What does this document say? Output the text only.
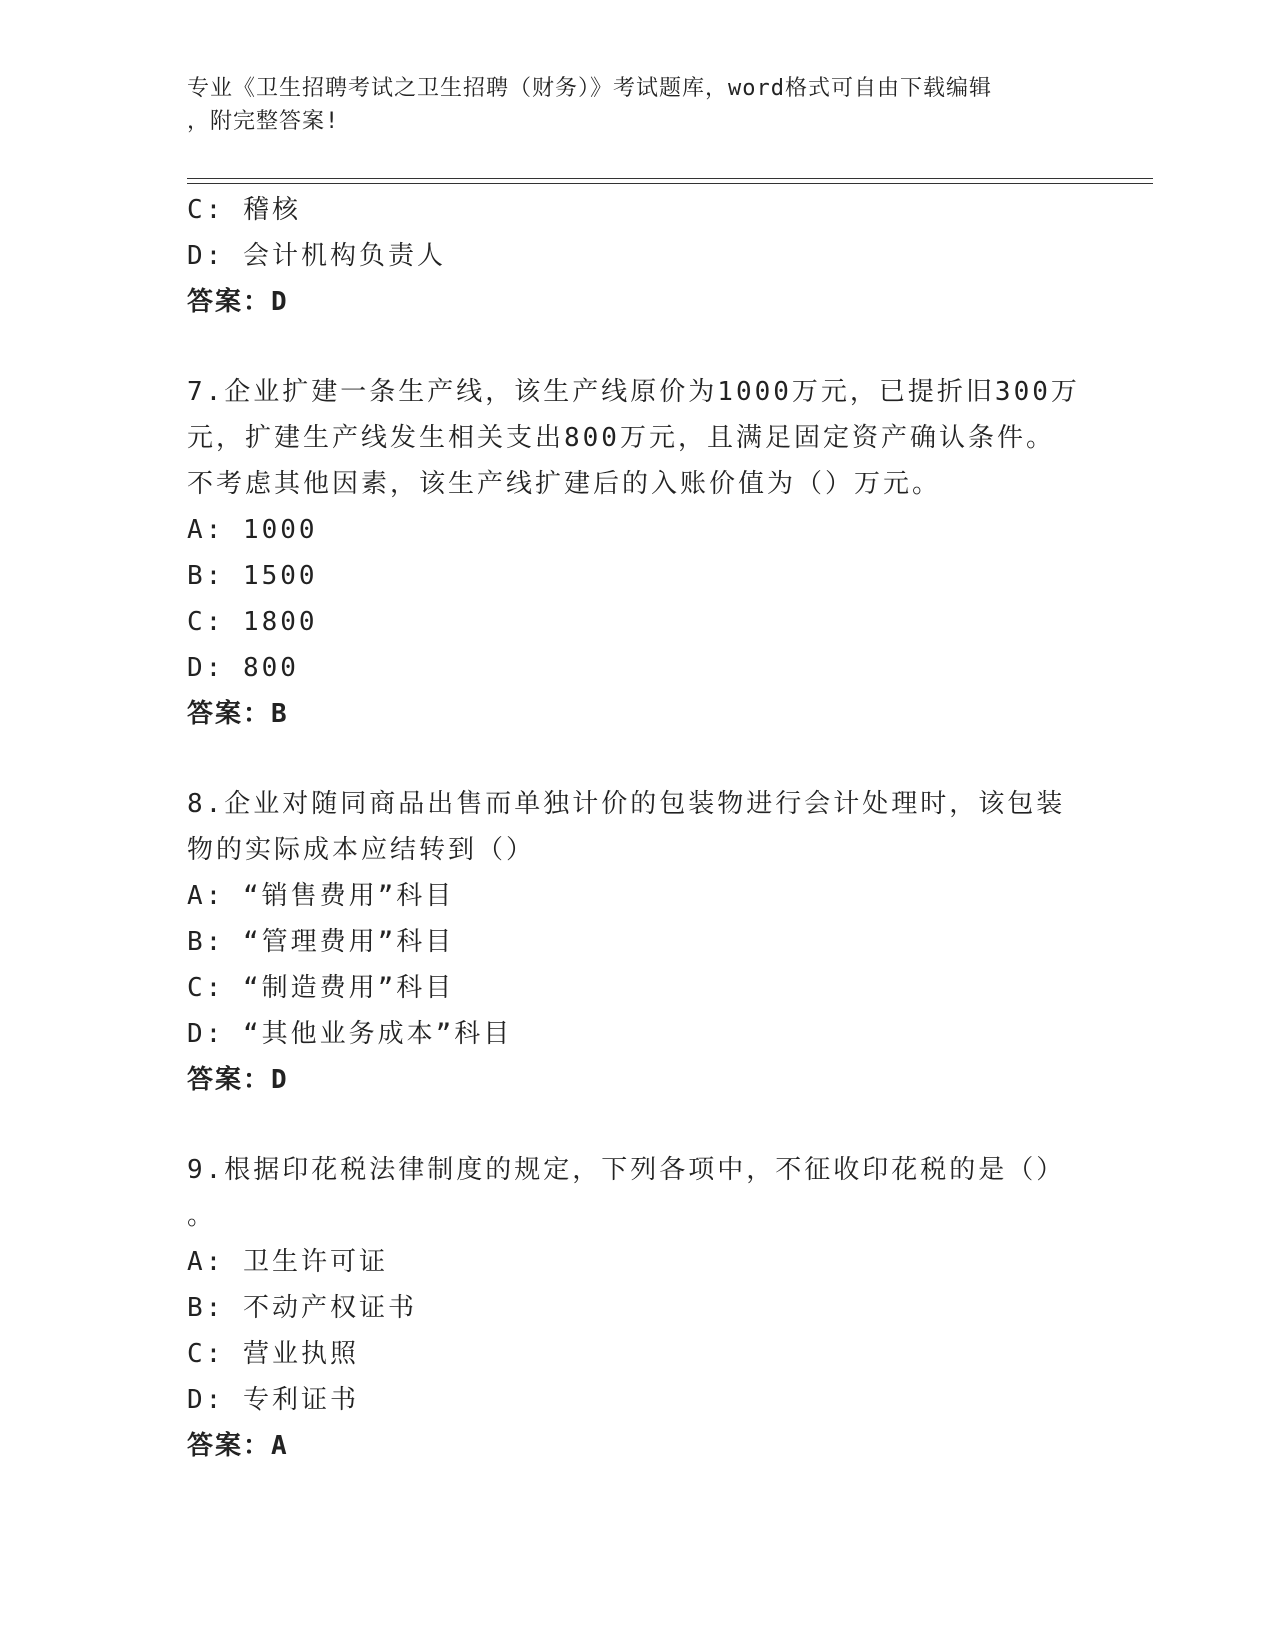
专业《卫生招聘考试之卫生招聘（财务）》考试题库，word格式可自由下载编辑
，附完整答案!
C: 稽核
D: 会计机构负责人
答案：D
7.企业扩建一条生产线，该生产线原价为1000万元，已提折旧300万
元，扩建生产线发生相关支出800万元，且满足固定资产确认条件。
不考虑其他因素，该生产线扩建后的入账价值为（）万元。
A: 1000
B: 1500
C: 1800
D: 800
答案：B
8.企业对随同商品出售而单独计价的包装物进行会计处理时，该包装
物的实际成本应结转到（）
A: “销售费用”科目
B: “管理费用”科目
C: “制造费用”科目
D: “其他业务成本”科目
答案：D
9.根据印花税法律制度的规定，下列各项中，不征收印花税的是（）
。
A: 卫生许可证
B: 不动产权证书
C: 营业执照
D: 专利证书
答案：A
